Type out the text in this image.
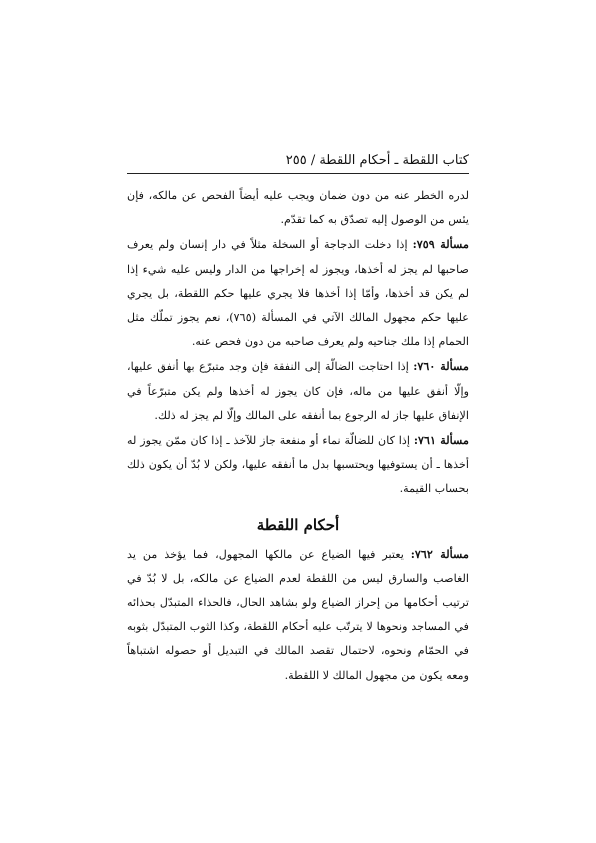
كتاب اللقطة ـ أحكام اللقطة / ٢٥٥

لدره الخطر عنه من دون ضمان ويجب عليه أيضاً الفحص عن مالكه، فإن يئس من الوصول إليه تصدّق به كما تقدّم.

مسألة ٧٥٩: إذا دخلت الدجاجة أو السخلة مثلاً في دار إنسان ولم يعرف صاحبها لم يجز له أخذها، ويجوز له إخراجها من الدار وليس عليه شيء إذا لم يكن قد أخذها، وأمّا إذا أخذها فلا يجري عليها حكم اللقطة، بل يجري عليها حكم مجهول المالك الآتي في المسألة (٧٦٥)، نعم يجوز تملّك مثل الحمام إذا ملك جناحيه ولم يعرف صاحبه من دون فحص عنه.

مسألة ٧٦٠: إذا احتاجت الضالّة إلى النفقة فإن وجد متبرّع بها أنفق عليها، وإلّا أنفق عليها من ماله، فإن كان يجوز له أخذها ولم يكن متبرّعاً في الإنفاق عليها جاز له الرجوع بما أنفقه على المالك وإلّا لم يجز له ذلك.

مسألة ٧٦١: إذا كان للضالّة نماء أو منفعة جاز للآخذ ـ إذا كان ممّن يجوز له أخذها ـ أن يستوفيها ويحتسبها بدل ما أنفقه عليها، ولكن لا بُدّ أن يكون ذلك بحساب القيمة.

أحكام اللقطة

مسألة ٧٦٢: يعتبر فيها الضياع عن مالكها المجهول، فما يؤخذ من يد الغاصب والسارق ليس من اللقطة لعدم الضياع عن مالكه، بل لا بُدّ في ترتيب أحكامها من إحراز الضياع ولو بشاهد الحال، فالحذاء المتبدّل بحذائه في المساجد ونحوها لا يترتّب عليه أحكام اللقطة، وكذا الثوب المتبدّل بثوبه في الحمّام ونحوه، لاحتمال تقصد المالك في التبديل أو حصوله اشتباهاً ومعه يكون من مجهول المالك لا اللقطة.
